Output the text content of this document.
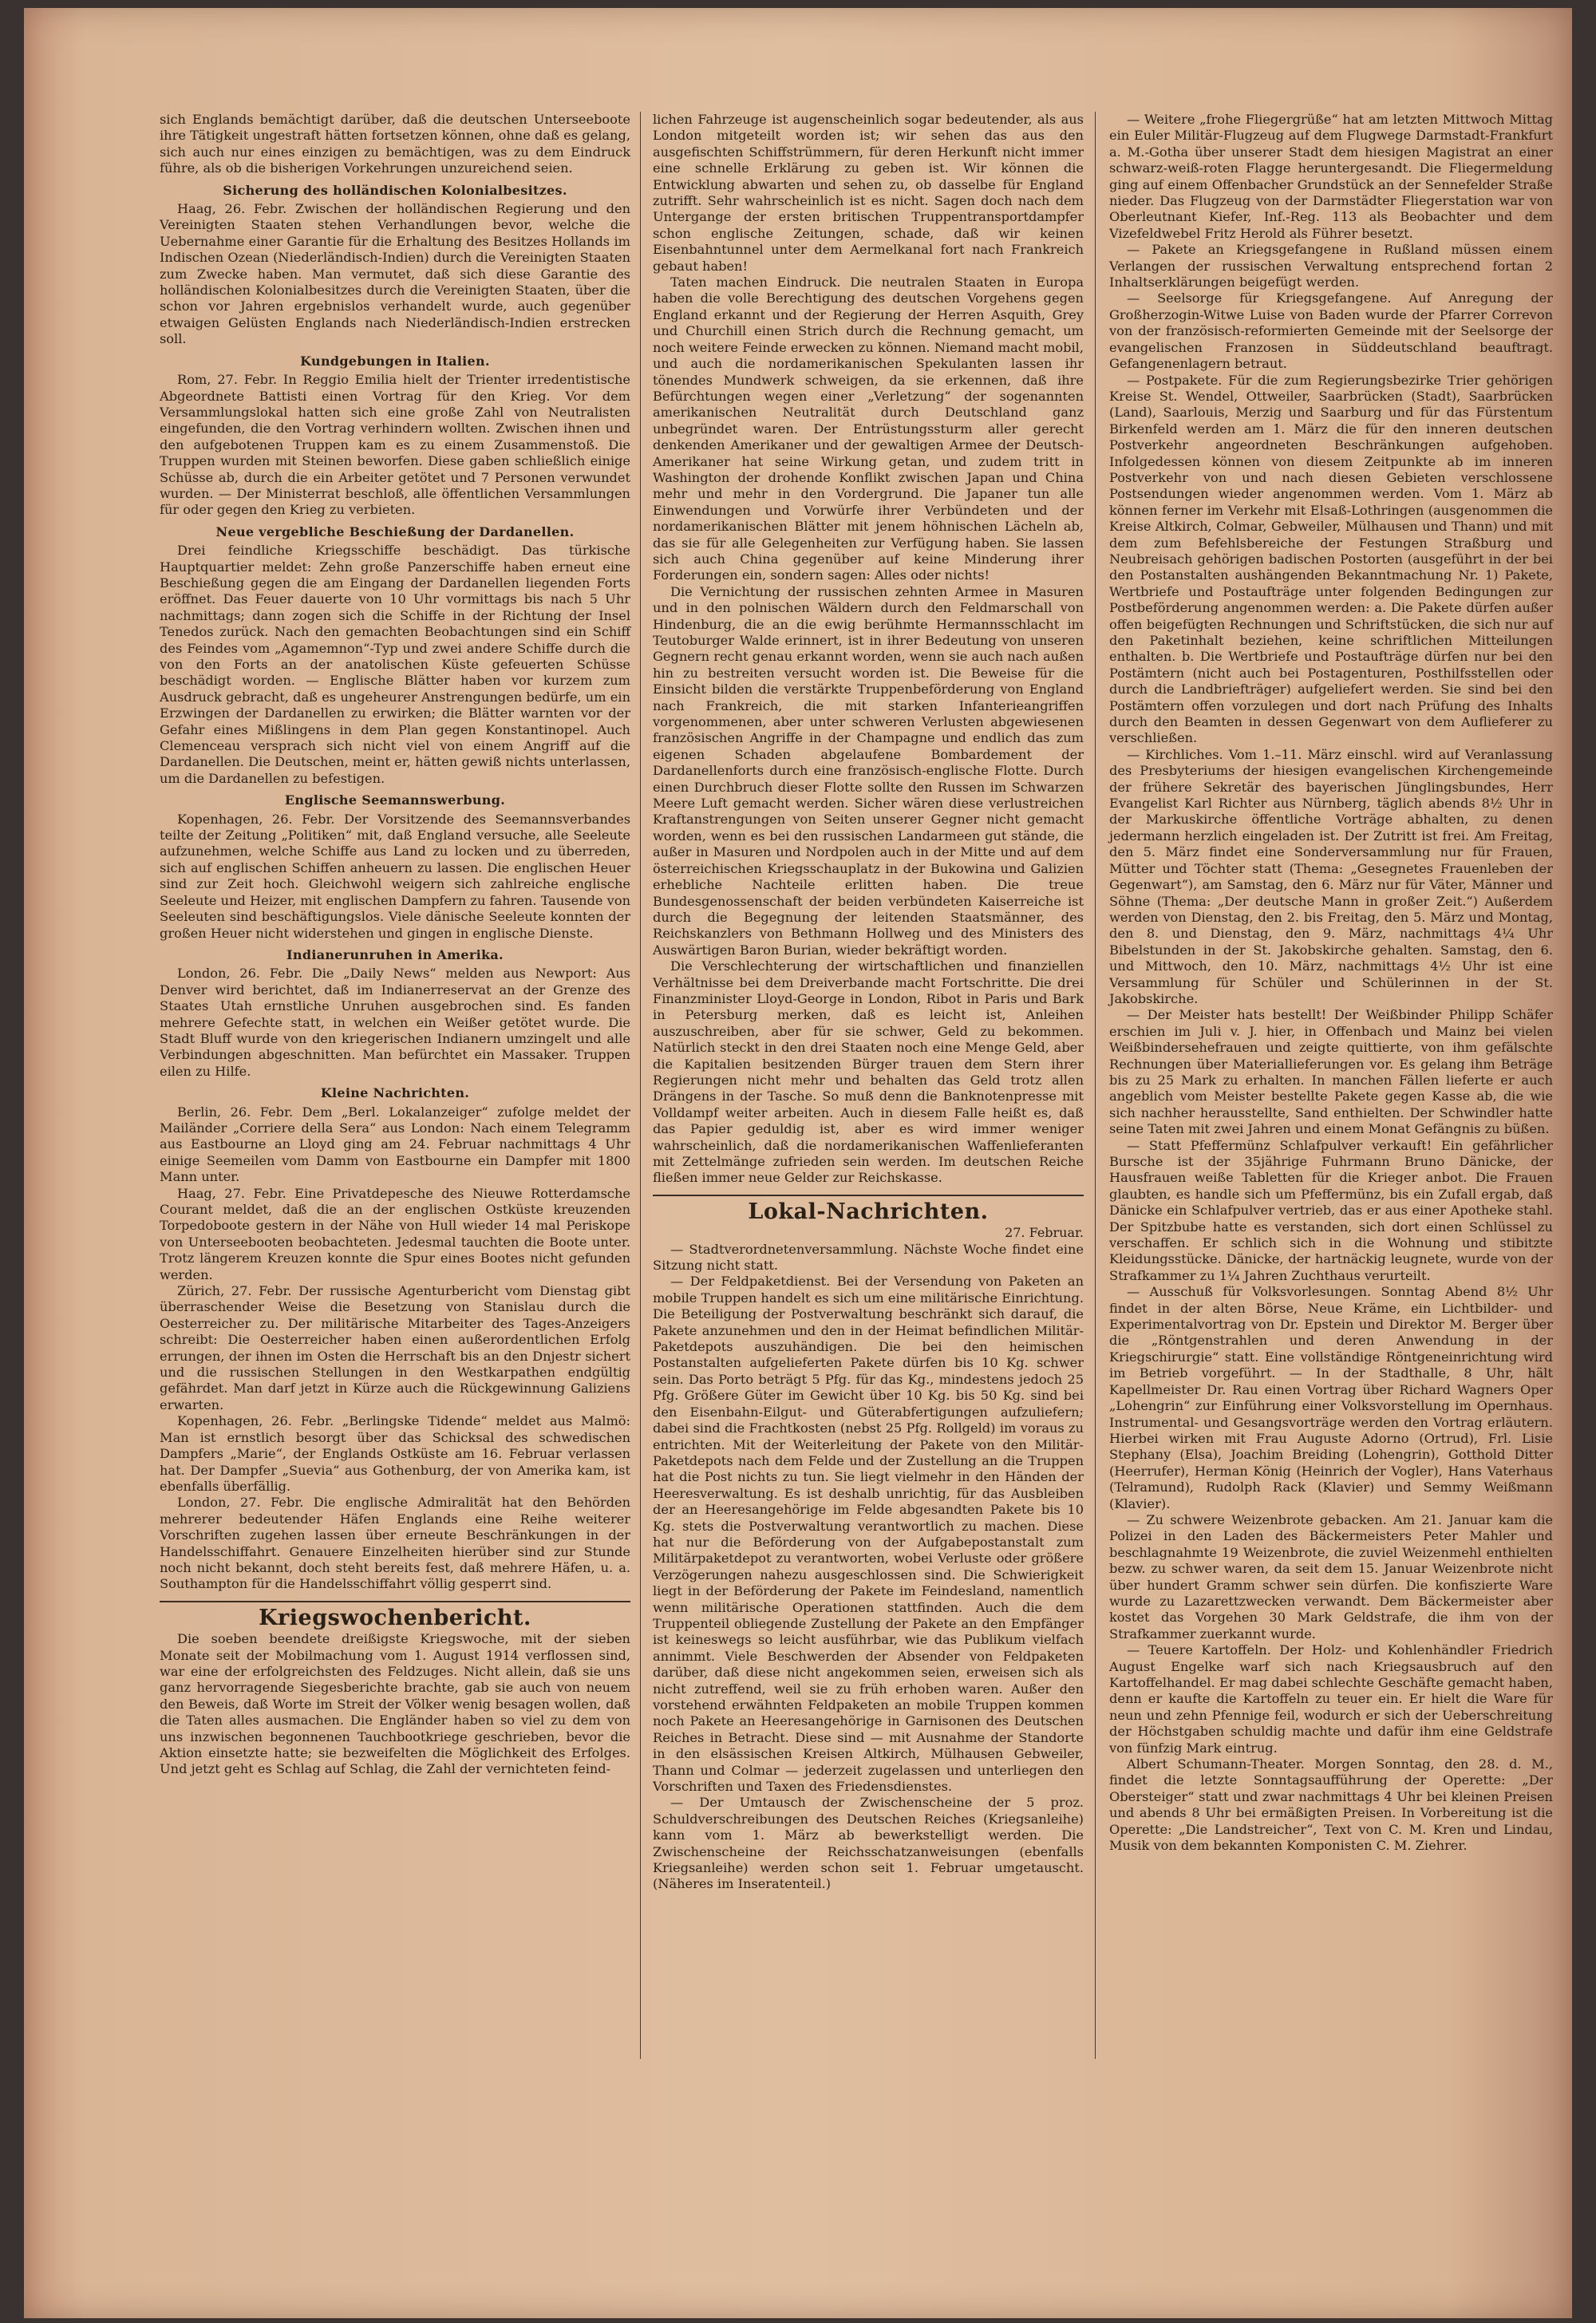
sich Englands bemächtigt darüber, daß die deutschen Unterseeboote ihre Tätigkeit ungestraft hätten fortsetzen können, ohne daß es gelang, sich auch nur eines einzigen zu bemächtigen, was zu dem Eindruck führe, als ob die bisherigen Vorkehrungen unzureichend seien.

Sicherung des holländischen Kolonialbesitzes.

Haag, 26. Febr. Zwischen der holländischen Regierung und den Vereinigten Staaten stehen Verhandlungen bevor, welche die Uebernahme einer Garantie für die Erhaltung des Besitzes Hollands im Indischen Ozean (Niederländisch-Indien) durch die Vereinigten Staaten zum Zwecke haben. Man vermutet, daß sich diese Garantie des holländischen Kolonialbesitzes durch die Vereinigten Staaten, über die schon vor Jahren ergebnislos verhandelt wurde, auch gegenüber etwaigen Gelüsten Englands nach Niederländisch-Indien erstrecken soll.

Kundgebungen in Italien.

Rom, 27. Febr. In Reggio Emilia hielt der Trienter irredentistische Abgeordnete Battisti einen Vortrag für den Krieg. Vor dem Versammlungslokal hatten sich eine große Zahl von Neutralisten eingefunden, die den Vortrag verhindern wollten. Zwischen ihnen und den aufgebotenen Truppen kam es zu einem Zusammenstoß. Die Truppen wurden mit Steinen beworfen. Diese gaben schließlich einige Schüsse ab, durch die ein Arbeiter getötet und 7 Personen verwundet wurden. — Der Ministerrat beschloß, alle öffentlichen Versammlungen für oder gegen den Krieg zu verbieten.

Neue vergebliche Beschießung der Dardanellen.

Drei feindliche Kriegsschiffe beschädigt. Das türkische Hauptquartier meldet: Zehn große Panzerschiffe haben erneut eine Beschießung gegen die am Eingang der Dardanellen liegenden Forts eröffnet. Das Feuer dauerte von 10 Uhr vormittags bis nach 5 Uhr nachmittags; dann zogen sich die Schiffe in der Richtung der Insel Tenedos zurück. Nach den gemachten Beobachtungen sind ein Schiff des Feindes vom „Agamemnon“-Typ und zwei andere Schiffe durch die von den Forts an der anatolischen Küste gefeuerten Schüsse beschädigt worden. — Englische Blätter haben vor kurzem zum Ausdruck gebracht, daß es ungeheurer Anstrengungen bedürfe, um ein Erzwingen der Dardanellen zu erwirken; die Blätter warnten vor der Gefahr eines Mißlingens in dem Plan gegen Konstantinopel. Auch Clemenceau versprach sich nicht viel von einem Angriff auf die Dardanellen. Die Deutschen, meint er, hätten gewiß nichts unterlassen, um die Dardanellen zu befestigen.

Englische Seemannswerbung.

Kopenhagen, 26. Febr. Der Vorsitzende des Seemannsverbandes teilte der Zeitung „Politiken“ mit, daß England versuche, alle Seeleute aufzunehmen, welche Schiffe aus Land zu locken und zu überreden, sich auf englischen Schiffen anheuern zu lassen. Die englischen Heuer sind zur Zeit hoch. Gleichwohl weigern sich zahlreiche englische Seeleute und Heizer, mit englischen Dampfern zu fahren. Tausende von Seeleuten sind beschäftigungslos. Viele dänische Seeleute konnten der großen Heuer nicht widerstehen und gingen in englische Dienste.

Indianerunruhen in Amerika.

London, 26. Febr. Die „Daily News“ melden aus Newport: Aus Denver wird berichtet, daß im Indianerreservat an der Grenze des Staates Utah ernstliche Unruhen ausgebrochen sind. Es fanden mehrere Gefechte statt, in welchen ein Weißer getötet wurde. Die Stadt Bluff wurde von den kriegerischen Indianern umzingelt und alle Verbindungen abgeschnitten. Man befürchtet ein Massaker. Truppen eilen zu Hilfe.

Kleine Nachrichten.

Berlin, 26. Febr. Dem „Berl. Lokalanzeiger“ zufolge meldet der Mailänder „Corriere della Sera“ aus London: Nach einem Telegramm aus Eastbourne an Lloyd ging am 24. Februar nachmittags 4 Uhr einige Seemeilen vom Damm von Eastbourne ein Dampfer mit 1800 Mann unter.

Haag, 27. Febr. Eine Privatdepesche des Nieuwe Rotterdamsche Courant meldet, daß die an der englischen Ostküste kreuzenden Torpedoboote gestern in der Nähe von Hull wieder 14 mal Periskope von Unterseebooten beobachteten. Jedesmal tauchten die Boote unter. Trotz längerem Kreuzen konnte die Spur eines Bootes nicht gefunden werden.

Zürich, 27. Febr. Der russische Agenturbericht vom Dienstag gibt überraschender Weise die Besetzung von Stanislau durch die Oesterreicher zu. Der militärische Mitarbeiter des Tages-Anzeigers schreibt: Die Oesterreicher haben einen außerordentlichen Erfolg errungen, der ihnen im Osten die Herrschaft bis an den Dnjestr sichert und die russischen Stellungen in den Westkarpathen endgültig gefährdet. Man darf jetzt in Kürze auch die Rückgewinnung Galiziens erwarten.

Kopenhagen, 26. Febr. „Berlingske Tidende“ meldet aus Malmö: Man ist ernstlich besorgt über das Schicksal des schwedischen Dampfers „Marie“, der Englands Ostküste am 16. Februar verlassen hat. Der Dampfer „Suevia“ aus Gothenburg, der von Amerika kam, ist ebenfalls überfällig.

London, 27. Febr. Die englische Admiralität hat den Behörden mehrerer bedeutender Häfen Englands eine Reihe weiterer Vorschriften zugehen lassen über erneute Beschränkungen in der Handelsschiffahrt. Genauere Einzelheiten hierüber sind zur Stunde noch nicht bekannt, doch steht bereits fest, daß mehrere Häfen, u. a. Southampton für die Handelsschiffahrt völlig gesperrt sind.

Kriegswochenbericht.

Die soeben beendete dreißigste Kriegswoche, mit der sieben Monate seit der Mobilmachung vom 1. August 1914 verflossen sind, war eine der erfolgreichsten des Feldzuges. Nicht allein, daß sie uns ganz hervorragende Siegesberichte brachte, gab sie auch von neuem den Beweis, daß Worte im Streit der Völker wenig besagen wollen, daß die Taten alles ausmachen. Die Engländer haben so viel zu dem von uns inzwischen begonnenen Tauchbootkriege geschrieben, bevor die Aktion einsetzte hatte; sie bezweifelten die Möglichkeit des Erfolges. Und jetzt geht es Schlag auf Schlag, die Zahl der vernichteten feind-

lichen Fahrzeuge ist augenscheinlich sogar bedeutender, als aus London mitgeteilt worden ist; wir sehen das aus den ausgefischten Schiffstrümmern, für deren Herkunft nicht immer eine schnelle Erklärung zu geben ist. Wir können die Entwicklung abwarten und sehen zu, ob dasselbe für England zutrifft. Sehr wahrscheinlich ist es nicht. Sagen doch nach dem Untergange der ersten britischen Truppentransportdampfer schon englische Zeitungen, schade, daß wir keinen Eisenbahntunnel unter dem Aermelkanal fort nach Frankreich gebaut haben!

Taten machen Eindruck. Die neutralen Staaten in Europa haben die volle Berechtigung des deutschen Vorgehens gegen England erkannt und der Regierung der Herren Asquith, Grey und Churchill einen Strich durch die Rechnung gemacht, um noch weitere Feinde erwecken zu können. Niemand macht mobil, und auch die nordamerikanischen Spekulanten lassen ihr tönendes Mundwerk schweigen, da sie erkennen, daß ihre Befürchtungen wegen einer „Verletzung“ der sogenannten amerikanischen Neutralität durch Deutschland ganz unbegründet waren. Der Entrüstungssturm aller gerecht denkenden Amerikaner und der gewaltigen Armee der Deutsch-Amerikaner hat seine Wirkung getan, und zudem tritt in Washington der drohende Konflikt zwischen Japan und China mehr und mehr in den Vordergrund. Die Japaner tun alle Einwendungen und Vorwürfe ihrer Verbündeten und der nordamerikanischen Blätter mit jenem höhnischen Lächeln ab, das sie für alle Gelegenheiten zur Verfügung haben. Sie lassen sich auch China gegenüber auf keine Minderung ihrer Forderungen ein, sondern sagen: Alles oder nichts!

Die Vernichtung der russischen zehnten Armee in Masuren und in den polnischen Wäldern durch den Feldmarschall von Hindenburg, die an die ewig berühmte Hermannsschlacht im Teutoburger Walde erinnert, ist in ihrer Bedeutung von unseren Gegnern recht genau erkannt worden, wenn sie auch nach außen hin zu bestreiten versucht worden ist. Die Beweise für die Einsicht bilden die verstärkte Truppenbeförderung von England nach Frankreich, die mit starken Infanterieangriffen vorgenommenen, aber unter schweren Verlusten abgewiesenen französischen Angriffe in der Champagne und endlich das zum eigenen Schaden abgelaufene Bombardement der Dardanellenforts durch eine französisch-englische Flotte. Durch einen Durchbruch dieser Flotte sollte den Russen im Schwarzen Meere Luft gemacht werden. Sicher wären diese verlustreichen Kraftanstrengungen von Seiten unserer Gegner nicht gemacht worden, wenn es bei den russischen Landarmeen gut stände, die außer in Masuren und Nordpolen auch in der Mitte und auf dem österreichischen Kriegsschauplatz in der Bukowina und Galizien erhebliche Nachteile erlitten haben. Die treue Bundesgenossenschaft der beiden verbündeten Kaiserreiche ist durch die Begegnung der leitenden Staatsmänner, des Reichskanzlers von Bethmann Hollweg und des Ministers des Auswärtigen Baron Burian, wieder bekräftigt worden.

Die Verschlechterung der wirtschaftlichen und finanziellen Verhältnisse bei dem Dreiverbande macht Fortschritte. Die drei Finanzminister Lloyd-George in London, Ribot in Paris und Bark in Petersburg merken, daß es leicht ist, Anleihen auszuschreiben, aber für sie schwer, Geld zu bekommen. Natürlich steckt in den drei Staaten noch eine Menge Geld, aber die Kapitalien besitzenden Bürger trauen dem Stern ihrer Regierungen nicht mehr und behalten das Geld trotz allen Drängens in der Tasche. So muß denn die Banknotenpresse mit Volldampf weiter arbeiten. Auch in diesem Falle heißt es, daß das Papier geduldig ist, aber es wird immer weniger wahrscheinlich, daß die nordamerikanischen Waffenlieferanten mit Zettelmänge zufrieden sein werden. Im deutschen Reiche fließen immer neue Gelder zur Reichskasse.

Lokal-Nachrichten.

27. Februar.

— Stadtverordnetenversammlung. Nächste Woche findet eine Sitzung nicht statt.

— Der Feldpaketdienst. Bei der Versendung von Paketen an mobile Truppen handelt es sich um eine militärische Einrichtung. Die Beteiligung der Postverwaltung beschränkt sich darauf, die Pakete anzunehmen und den in der Heimat befindlichen Militär-Paketdepots auszuhändigen. Die bei den heimischen Postanstalten aufgelieferten Pakete dürfen bis 10 Kg. schwer sein. Das Porto beträgt 5 Pfg. für das Kg., mindestens jedoch 25 Pfg. Größere Güter im Gewicht über 10 Kg. bis 50 Kg. sind bei den Eisenbahn-Eilgut- und Güterabfertigungen aufzuliefern; dabei sind die Frachtkosten (nebst 25 Pfg. Rollgeld) im voraus zu entrichten. Mit der Weiterleitung der Pakete von den Militär-Paketdepots nach dem Felde und der Zustellung an die Truppen hat die Post nichts zu tun. Sie liegt vielmehr in den Händen der Heeresverwaltung. Es ist deshalb unrichtig, für das Ausbleiben der an Heeresangehörige im Felde abgesandten Pakete bis 10 Kg. stets die Postverwaltung verantwortlich zu machen. Diese hat nur die Beförderung von der Aufgabepostanstalt zum Militärpaketdepot zu verantworten, wobei Verluste oder größere Verzögerungen nahezu ausgeschlossen sind. Die Schwierigkeit liegt in der Beförderung der Pakete im Feindesland, namentlich wenn militärische Operationen stattfinden. Auch die dem Truppenteil obliegende Zustellung der Pakete an den Empfänger ist keineswegs so leicht ausführbar, wie das Publikum vielfach annimmt. Viele Beschwerden der Absender von Feldpaketen darüber, daß diese nicht angekommen seien, erweisen sich als nicht zutreffend, weil sie zu früh erhoben waren. Außer den vorstehend erwähnten Feldpaketen an mobile Truppen kommen noch Pakete an Heeresangehörige in Garnisonen des Deutschen Reiches in Betracht. Diese sind — mit Ausnahme der Standorte in den elsässischen Kreisen Altkirch, Mülhausen Gebweiler, Thann und Colmar — jederzeit zugelassen und unterliegen den Vorschriften und Taxen des Friedensdienstes.

— Der Umtausch der Zwischenscheine der 5 proz. Schuldverschreibungen des Deutschen Reiches (Kriegsanleihe) kann vom 1. März ab bewerkstelligt werden. Die Zwischenscheine der Reichsschatzanweisungen (ebenfalls Kriegsanleihe) werden schon seit 1. Februar umgetauscht. (Näheres im Inseratenteil.)

— Weitere „frohe Fliegergrüße“ hat am letzten Mittwoch Mittag ein Euler Militär-Flugzeug auf dem Flugwege Darmstadt-Frankfurt a. M.-Gotha über unserer Stadt dem hiesigen Magistrat an einer schwarz-weiß-roten Flagge heruntergesandt. Die Fliegermeldung ging auf einem Offenbacher Grundstück an der Sennefelder Straße nieder. Das Flugzeug von der Darmstädter Fliegerstation war von Oberleutnant Kiefer, Inf.-Reg. 113 als Beobachter und dem Vizefeldwebel Fritz Herold als Führer besetzt.

— Pakete an Kriegsgefangene in Rußland müssen einem Verlangen der russischen Verwaltung entsprechend fortan 2 Inhaltserklärungen beigefügt werden.

— Seelsorge für Kriegsgefangene. Auf Anregung der Großherzogin-Witwe Luise von Baden wurde der Pfarrer Correvon von der französisch-reformierten Gemeinde mit der Seelsorge der evangelischen Franzosen in Süddeutschland beauftragt. Gefangenenlagern betraut.

— Postpakete. Für die zum Regierungsbezirke Trier gehörigen Kreise St. Wendel, Ottweiler, Saarbrücken (Stadt), Saarbrücken (Land), Saarlouis, Merzig und Saarburg und für das Fürstentum Birkenfeld werden am 1. März die für den inneren deutschen Postverkehr angeordneten Beschränkungen aufgehoben. Infolgedessen können von diesem Zeitpunkte ab im inneren Postverkehr von und nach diesen Gebieten verschlossene Postsendungen wieder angenommen werden. Vom 1. März ab können ferner im Verkehr mit Elsaß-Lothringen (ausgenommen die Kreise Altkirch, Colmar, Gebweiler, Mülhausen und Thann) und mit dem zum Befehlsbereiche der Festungen Straßburg und Neubreisach gehörigen badischen Postorten (ausgeführt in der bei den Postanstalten aushängenden Bekanntmachung Nr. 1) Pakete, Wertbriefe und Postaufträge unter folgenden Bedingungen zur Postbeförderung angenommen werden: a. Die Pakete dürfen außer offen beigefügten Rechnungen und Schriftstücken, die sich nur auf den Paketinhalt beziehen, keine schriftlichen Mitteilungen enthalten. b. Die Wertbriefe und Postaufträge dürfen nur bei den Postämtern (nicht auch bei Postagenturen, Posthilfsstellen oder durch die Landbriefträger) aufgeliefert werden. Sie sind bei den Postämtern offen vorzulegen und dort nach Prüfung des Inhalts durch den Beamten in dessen Gegenwart von dem Auflieferer zu verschließen.

— Kirchliches. Vom 1.–11. März einschl. wird auf Veranlassung des Presbyteriums der hiesigen evangelischen Kirchengemeinde der frühere Sekretär des bayerischen Jünglingsbundes, Herr Evangelist Karl Richter aus Nürnberg, täglich abends 8½ Uhr in der Markuskirche öffentliche Vorträge abhalten, zu denen jedermann herzlich eingeladen ist. Der Zutritt ist frei. Am Freitag, den 5. März findet eine Sonderversammlung nur für Frauen, Mütter und Töchter statt (Thema: „Gesegnetes Frauenleben der Gegenwart“), am Samstag, den 6. März nur für Väter, Männer und Söhne (Thema: „Der deutsche Mann in großer Zeit.“) Außerdem werden von Dienstag, den 2. bis Freitag, den 5. März und Montag, den 8. und Dienstag, den 9. März, nachmittags 4¼ Uhr Bibelstunden in der St. Jakobskirche gehalten. Samstag, den 6. und Mittwoch, den 10. März, nachmittags 4½ Uhr ist eine Versammlung für Schüler und Schülerinnen in der St. Jakobskirche.

— Der Meister hats bestellt! Der Weißbinder Philipp Schäfer erschien im Juli v. J. hier, in Offenbach und Mainz bei vielen Weißbindersehefrauen und zeigte quittierte, von ihm gefälschte Rechnungen über Materiallieferungen vor. Es gelang ihm Beträge bis zu 25 Mark zu erhalten. In manchen Fällen lieferte er auch angeblich vom Meister bestellte Pakete gegen Kasse ab, die wie sich nachher herausstellte, Sand enthielten. Der Schwindler hatte seine Taten mit zwei Jahren und einem Monat Gefängnis zu büßen.

— Statt Pfeffermünz Schlafpulver verkauft! Ein gefährlicher Bursche ist der 35jährige Fuhrmann Bruno Dänicke, der Hausfrauen weiße Tabletten für die Krieger anbot. Die Frauen glaubten, es handle sich um Pfeffermünz, bis ein Zufall ergab, daß Dänicke ein Schlafpulver vertrieb, das er aus einer Apotheke stahl. Der Spitzbube hatte es verstanden, sich dort einen Schlüssel zu verschaffen. Er schlich sich in die Wohnung und stibitzte Kleidungsstücke. Dänicke, der hartnäckig leugnete, wurde von der Strafkammer zu 1¼ Jahren Zuchthaus verurteilt.

— Ausschuß für Volksvorlesungen. Sonntag Abend 8½ Uhr findet in der alten Börse, Neue Kräme, ein Lichtbilder- und Experimentalvortrag von Dr. Epstein und Direktor M. Berger über die „Röntgenstrahlen und deren Anwendung in der Kriegschirurgie“ statt. Eine vollständige Röntgeneinrichtung wird im Betrieb vorgeführt. — In der Stadthalle, 8 Uhr, hält Kapellmeister Dr. Rau einen Vortrag über Richard Wagners Oper „Lohengrin“ zur Einführung einer Volksvorstellung im Opernhaus. Instrumental- und Gesangsvorträge werden den Vortrag erläutern. Hierbei wirken mit Frau Auguste Adorno (Ortrud), Frl. Lisie Stephany (Elsa), Joachim Breiding (Lohengrin), Gotthold Ditter (Heerrufer), Herman König (Heinrich der Vogler), Hans Vaterhaus (Telramund), Rudolph Rack (Klavier) und Semmy Weißmann (Klavier).

— Zu schwere Weizenbrote gebacken. Am 21. Januar kam die Polizei in den Laden des Bäckermeisters Peter Mahler und beschlagnahmte 19 Weizenbrote, die zuviel Weizenmehl enthielten bezw. zu schwer waren, da seit dem 15. Januar Weizenbrote nicht über hundert Gramm schwer sein dürfen. Die konfiszierte Ware wurde zu Lazarettzwecken verwandt. Dem Bäckermeister aber kostet das Vorgehen 30 Mark Geldstrafe, die ihm von der Strafkammer zuerkannt wurde.

— Teuere Kartoffeln. Der Holz- und Kohlenhändler Friedrich August Engelke warf sich nach Kriegsausbruch auf den Kartoffelhandel. Er mag dabei schlechte Geschäfte gemacht haben, denn er kaufte die Kartoffeln zu teuer ein. Er hielt die Ware für neun und zehn Pfennige feil, wodurch er sich der Ueberschreitung der Höchstgaben schuldig machte und dafür ihm eine Geldstrafe von fünfzig Mark eintrug.

Albert Schumann-Theater. Morgen Sonntag, den 28. d. M., findet die letzte Sonntagsaufführung der Operette: „Der Obersteiger“ statt und zwar nachmittags 4 Uhr bei kleinen Preisen und abends 8 Uhr bei ermäßigten Preisen. In Vorbereitung ist die Operette: „Die Landstreicher“, Text von C. M. Kren und Lindau, Musik von dem bekannten Komponisten C. M. Ziehrer.
